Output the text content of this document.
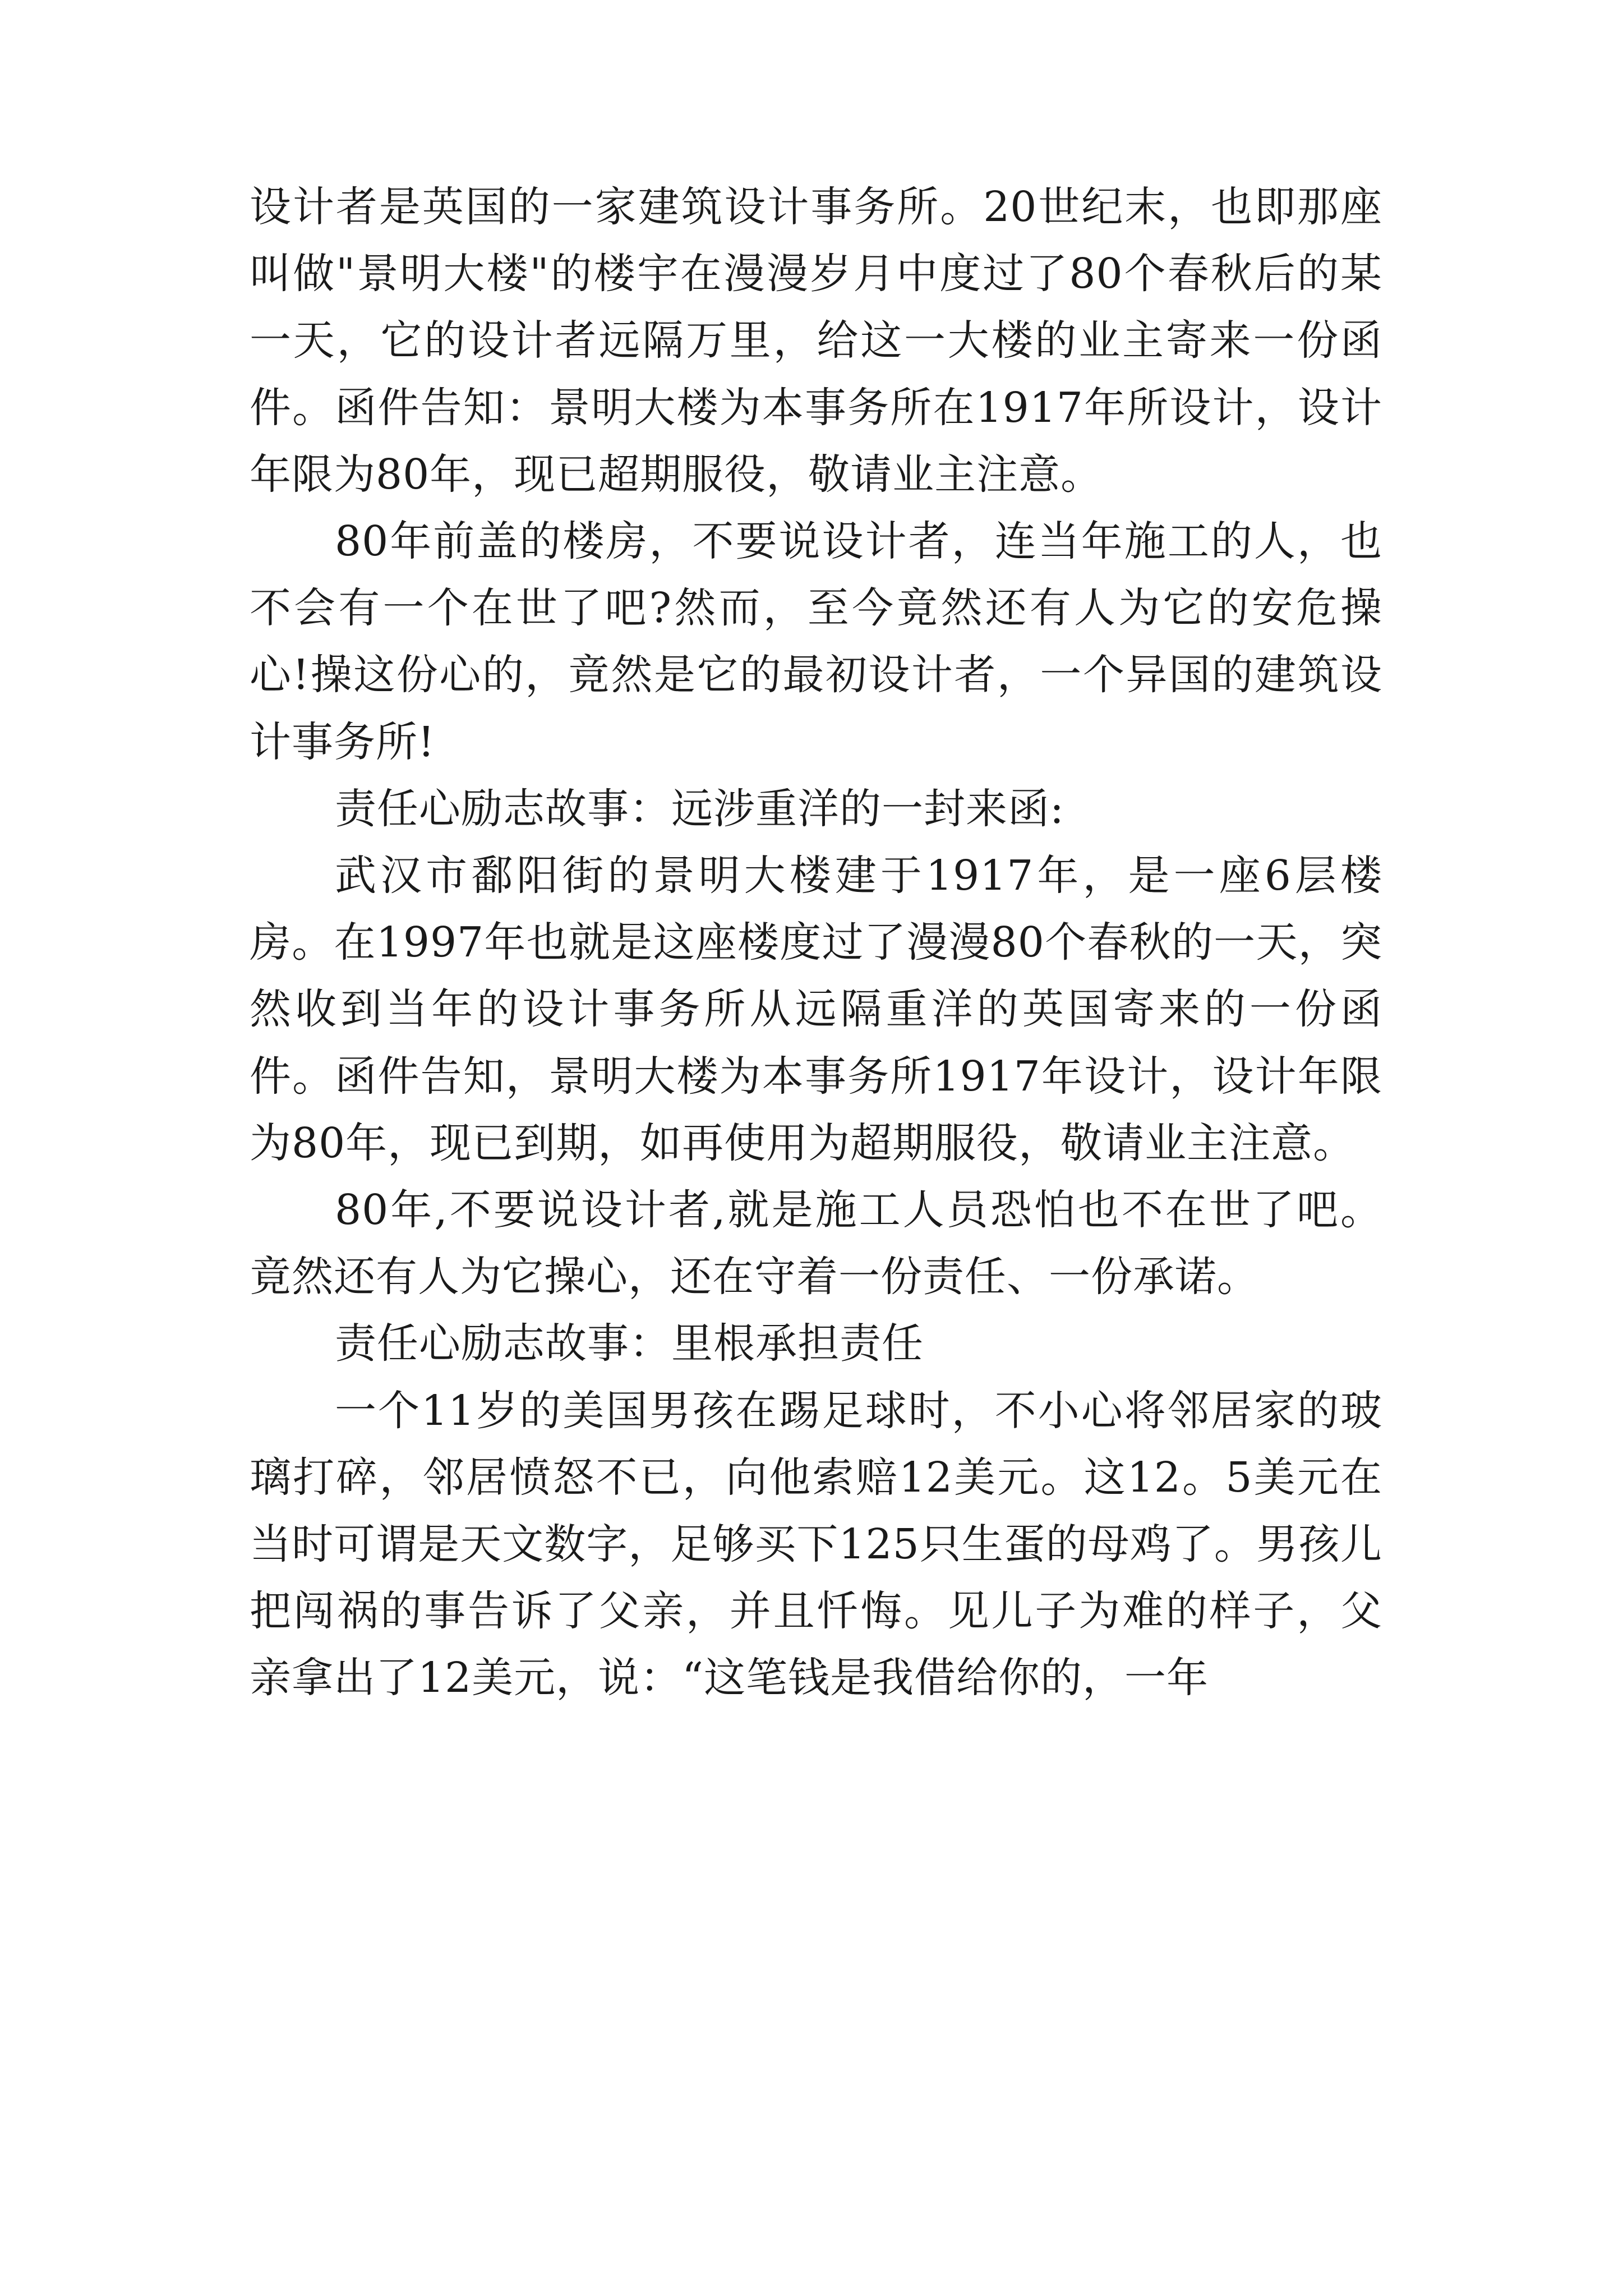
设计者是英国的一家建筑设计事务所。20世纪末，也即那座叫做"景明大楼"的楼宇在漫漫岁月中度过了80个春秋后的某一天，它的设计者远隔万里，给这一大楼的业主寄来一份函件。函件告知：景明大楼为本事务所在1917年所设计，设计年限为80年，现已超期服役，敬请业主注意。

80年前盖的楼房，不要说设计者，连当年施工的人，也不会有一个在世了吧?然而，至今竟然还有人为它的安危操心!操这份心的，竟然是它的最初设计者，一个异国的建筑设计事务所!

责任心励志故事：远涉重洋的一封来函:

武汉市鄱阳街的景明大楼建于1917年，是一座6层楼房。在1997年也就是这座楼度过了漫漫80个春秋的一天，突然收到当年的设计事务所从远隔重洋的英国寄来的一份函件。函件告知，景明大楼为本事务所1917年设计，设计年限为80年，现已到期，如再使用为超期服役，敬请业主注意。

80年,不要说设计者,就是施工人员恐怕也不在世了吧。竟然还有人为它操心，还在守着一份责任、一份承诺。

责任心励志故事：里根承担责任

一个11岁的美国男孩在踢足球时，不小心将邻居家的玻璃打碎，邻居愤怒不已，向他索赔12美元。这12。5美元在当时可谓是天文数字，足够买下125只生蛋的母鸡了。男孩儿把闯祸的事告诉了父亲，并且忏悔。见儿子为难的样子，父亲拿出了12美元，说：“这笔钱是我借给你的，一年
